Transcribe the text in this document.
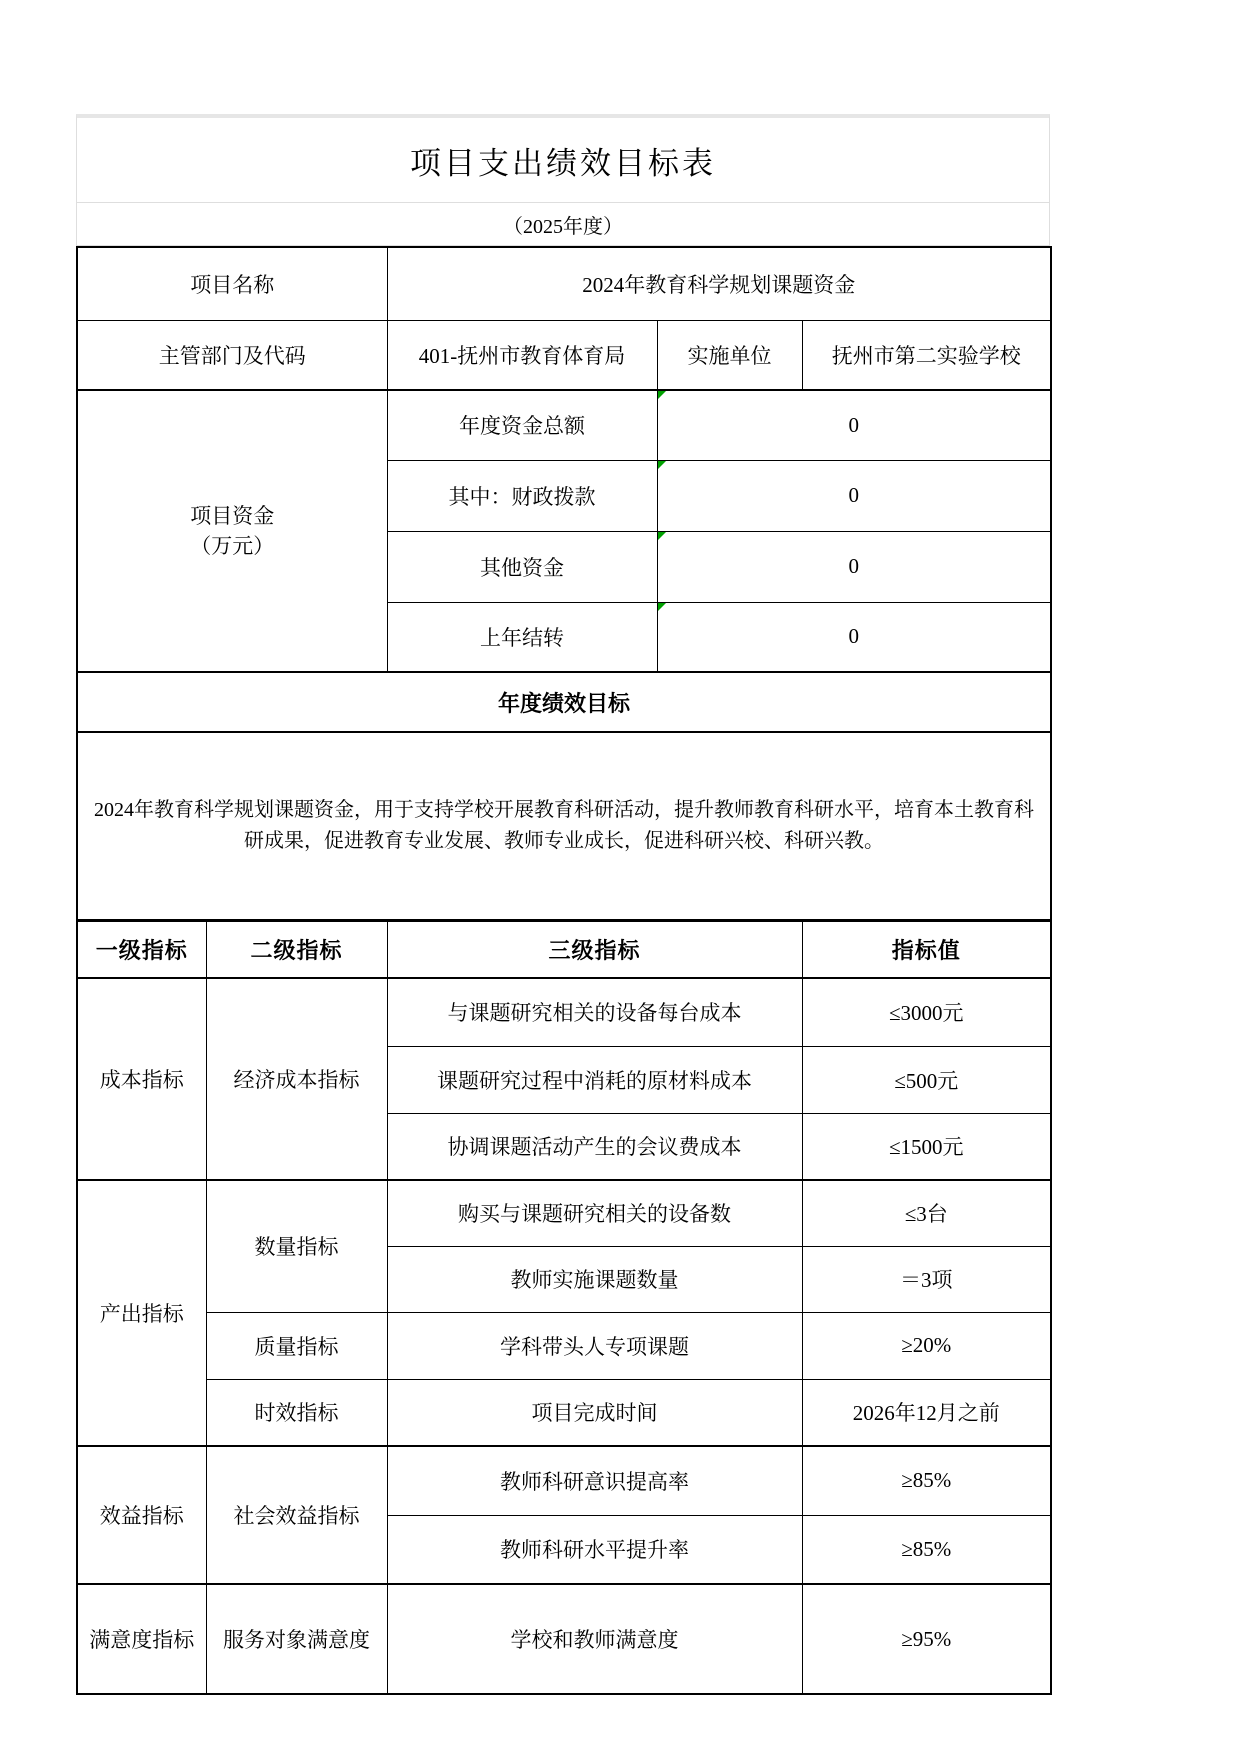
项目支出绩效目标表
（2025年度）
项目名称	2024年教育科学规划课题资金		
主管部门及代码	401-抚州市教育体育局	实施单位	抚州市第二实验学校
项目资金
（万元）	年度资金总额	0	
	其中：财政拨款	0	
	其他资金	0	
	上年结转	0	
年度绩效目标			
2024年教育科学规划课题资金，用于支持学校开展教育科研活动，提升教师教育科研水平，培育本土教育科研成果，促进教育专业发展、教师专业成长，促进科研兴校、科研兴教。			
一级指标	二级指标	三级指标	指标值
成本指标	经济成本指标	与课题研究相关的设备每台成本	≤3000元
		课题研究过程中消耗的原材料成本	≤500元
		协调课题活动产生的会议费成本	≤1500元
产出指标	数量指标	购买与课题研究相关的设备数	≤3台
		教师实施课题数量	＝3项
	质量指标	学科带头人专项课题	≥20%
	时效指标	项目完成时间	2026年12月之前
效益指标	社会效益指标	教师科研意识提高率	≥85%
		教师科研水平提升率	≥85%
满意度指标	服务对象满意度	学校和教师满意度	≥95%
